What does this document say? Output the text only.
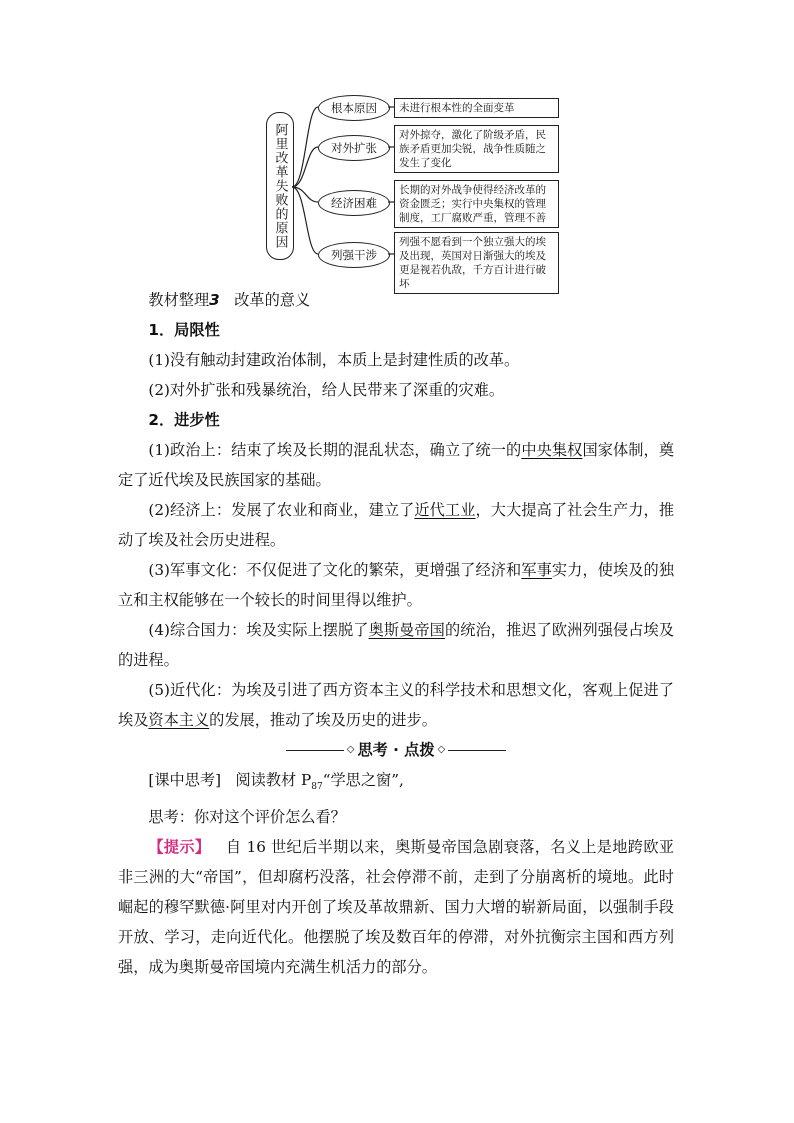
阿里改革失败的原因
根本原因	未进行根本性的全面变革
对外扩张
对外掠夺，激化了阶级矛盾，民族矛盾更加尖锐，战争性质随之发生了变化
经济困难
长期的对外战争使得经济改革的资金匮乏；实行中央集权的管理制度，工厂腐败严重，管理不善
列强干涉
列强不愿看到一个独立强大的埃及出现，英国对日渐强大的埃及更是视若仇敌，千方百计进行破坏

教材整理3 改革的意义

1．局限性

(1)没有触动封建政治体制，本质上是封建性质的改革。

(2)对外扩张和残暴统治，给人民带来了深重的灾难。

2．进步性

(1)政治上：结束了埃及长期的混乱状态，确立了统一的中央集权国家体制，奠定了近代埃及民族国家的基础。

(2)经济上：发展了农业和商业，建立了近代工业，大大提高了社会生产力，推动了埃及社会历史进程。

(3)军事文化：不仅促进了文化的繁荣，更增强了经济和军事实力，使埃及的独立和主权能够在一个较长的时间里得以维护。

(4)综合国力：埃及实际上摆脱了奥斯曼帝国的统治，推迟了欧洲列强侵占埃及的进程。

(5)近代化：为埃及引进了西方资本主义的科学技术和思想文化，客观上促进了埃及资本主义的发展，推动了埃及历史的进步。

◇ 思考 · 点拨 ◇

[课中思考] 阅读教材 $P_{87}“$学思之窗”,

思考：你对这个评价怎么看？

【提示】 自 16 世纪后半期以来，奥斯曼帝国急剧衰落，名义上是地跨欧亚非三洲的大“帝国”，但却腐朽没落，社会停滞不前，走到了分崩离析的境地。此时崛起的穆罕默德·阿里对内开创了埃及革故鼎新、国力大增的崭新局面，以强制手段开放、学习，走向近代化。他摆脱了埃及数百年的停滞，对外抗衡宗主国和西方列强，成为奥斯曼帝国境内充满生机活力的部分。
